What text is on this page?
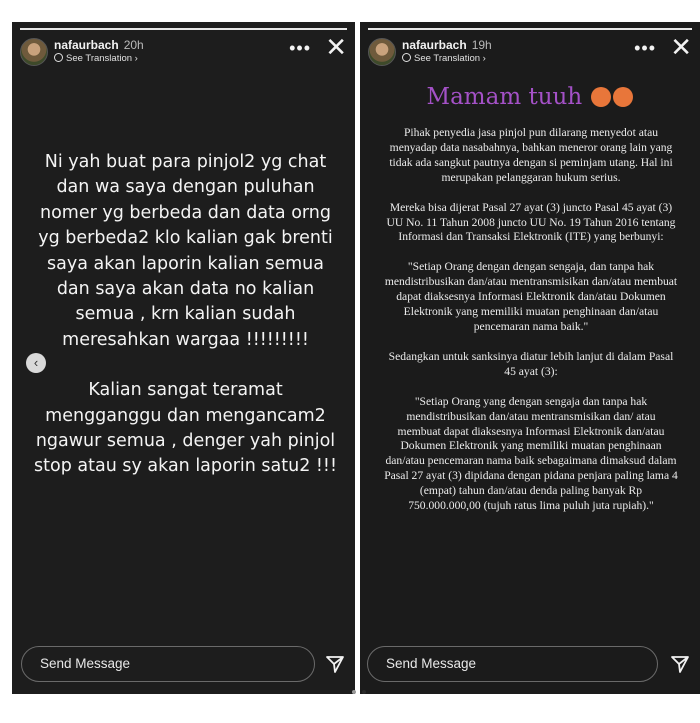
nafaurbach 20h
See Translation ›
••• ✕

Ni yah buat para pinjol2 yg chat dan wa saya dengan puluhan nomer yg berbeda dan data orng yg berbeda2 klo kalian gak brenti saya akan laporin kalian semua dan saya akan data no kalian semua , krn kalian sudah meresahkan wargaa !!!!!!!!!

Kalian sangat teramat mengganggu dan mengancam2 ngawur semua , denger yah pinjol stop atau sy akan laporin satu2 !!!

Send Message
nafaurbach 19h
See Translation ›
••• ✕
Mamam tuuh

Pihak penyedia jasa pinjol pun dilarang menyedot atau menyadap data nasabahnya, bahkan meneror orang lain yang tidak ada sangkut pautnya dengan si peminjam utang. Hal ini merupakan pelanggaran hukum serius.

Mereka bisa dijerat Pasal 27 ayat (3) juncto Pasal 45 ayat (3) UU No. 11 Tahun 2008 juncto UU No. 19 Tahun 2016 tentang Informasi dan Transaksi Elektronik (ITE) yang berbunyi:

"Setiap Orang dengan dengan sengaja, dan tanpa hak mendistribusikan dan/atau mentransmisikan dan/atau membuat dapat diaksesnya Informasi Elektronik dan/atau Dokumen Elektronik yang memiliki muatan penghinaan dan/atau pencemaran nama baik."

Sedangkan untuk sanksinya diatur lebih lanjut di dalam Pasal 45 ayat (3):

"Setiap Orang yang dengan sengaja dan tanpa hak mendistribusikan dan/atau mentransmisikan dan/ atau membuat dapat diaksesnya Informasi Elektronik dan/atau Dokumen Elektronik yang memiliki muatan penghinaan dan/atau pencemaran nama baik sebagaimana dimaksud dalam Pasal 27 ayat (3) dipidana dengan pidana penjara paling lama 4 (empat) tahun dan/atau denda paling banyak Rp 750.000.000,00 (tujuh ratus lima puluh juta rupiah)."

Send Message
‹
